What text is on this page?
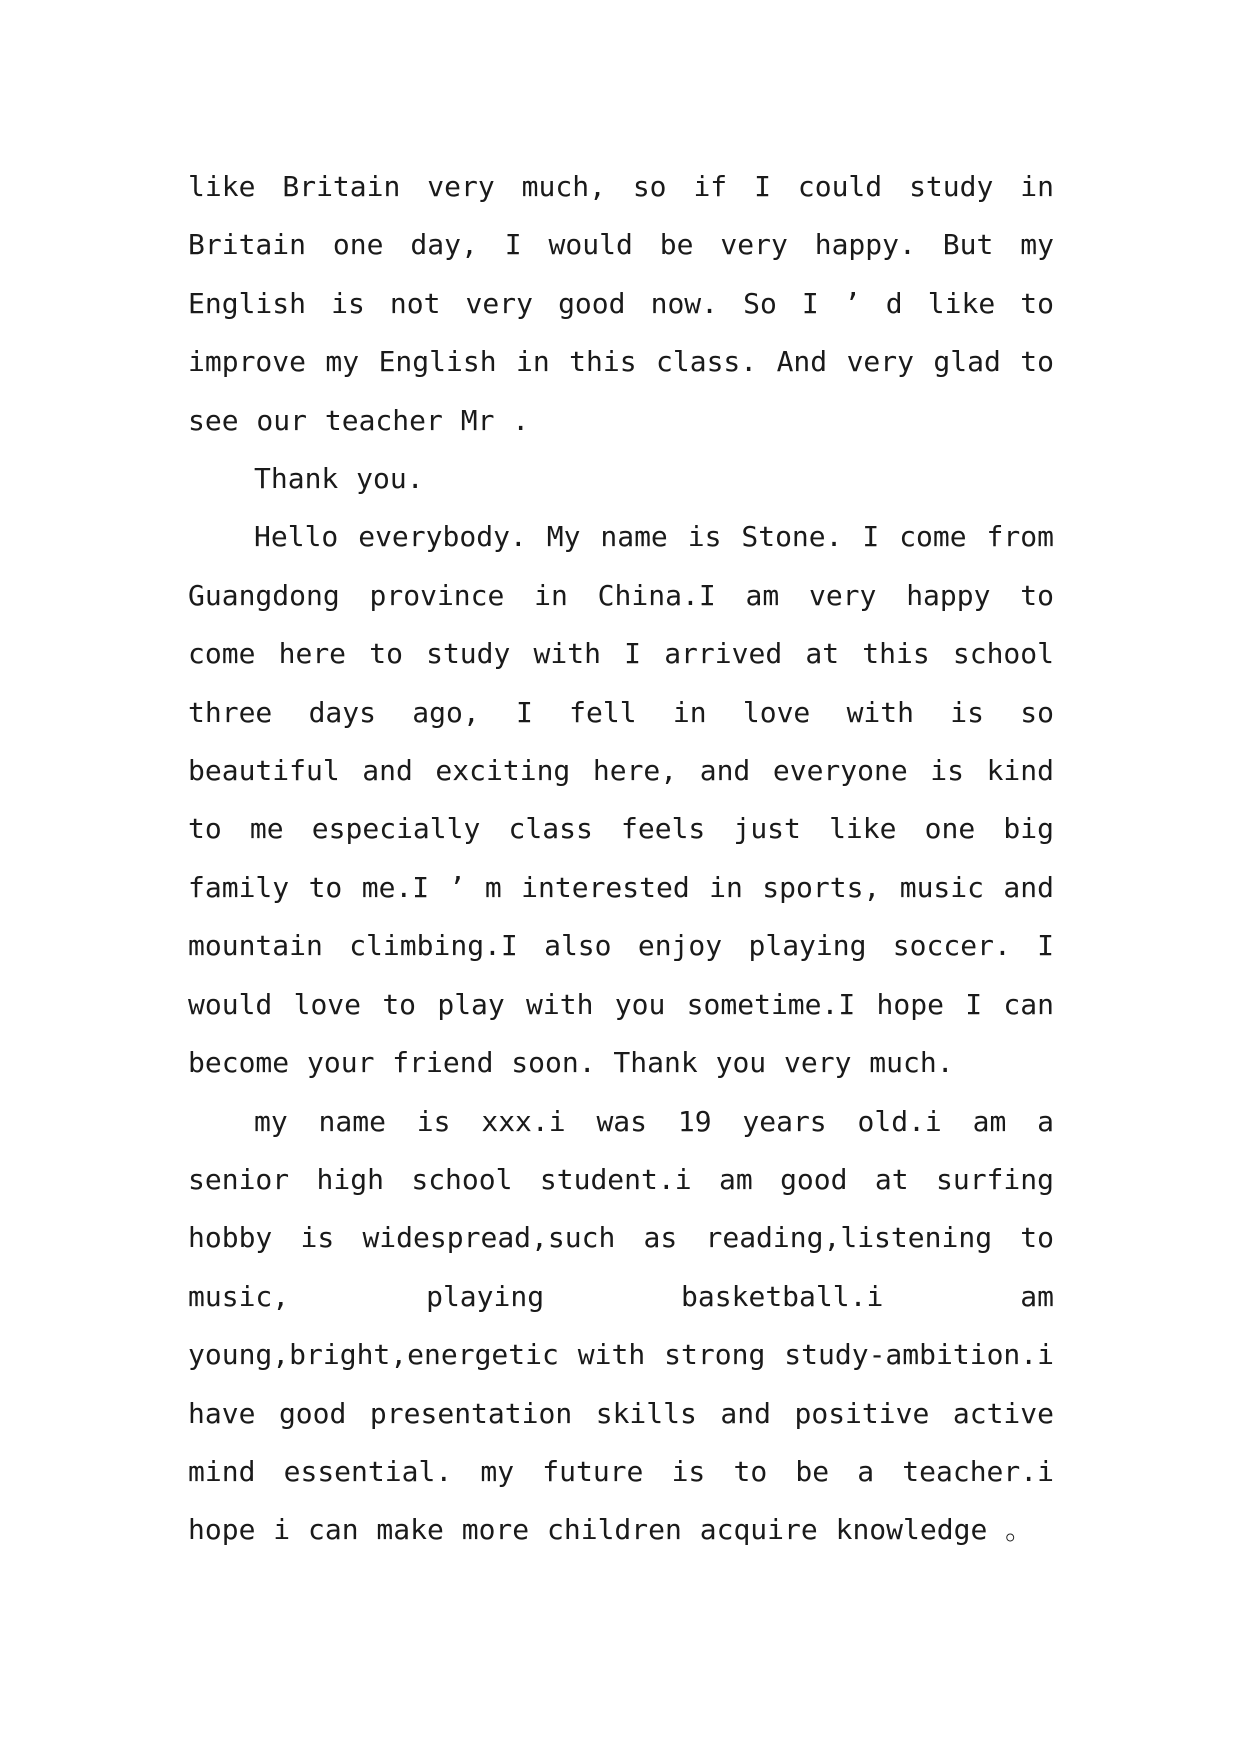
like Britain very much, so if I could study in Britain one day, I would be very happy. But my English is not very good now. So I ’ d like to improve my English in this class. And very glad to see our teacher Mr .

Thank you.

Hello everybody. My name is Stone. I come from Guangdong province in China.I am very happy to come here to study with I arrived at this school three days ago, I fell in love with is so beautiful and exciting here, and everyone is kind to me especially class feels just like one big family to me.I ’ m interested in sports, music and mountain climbing.I also enjoy playing soccer. I would love to play with you sometime.I hope I can become your friend soon. Thank you very much.

my name is xxx.i was 19 years old.i am a senior high school student.i am good at surfing hobby is widespread,such as reading,listening to music, playing basketball.i am young,bright,energetic with strong study-ambition.i have good presentation skills and positive active mind essential. my future is to be a teacher.i hope i can make more children acquire knowledge 。
